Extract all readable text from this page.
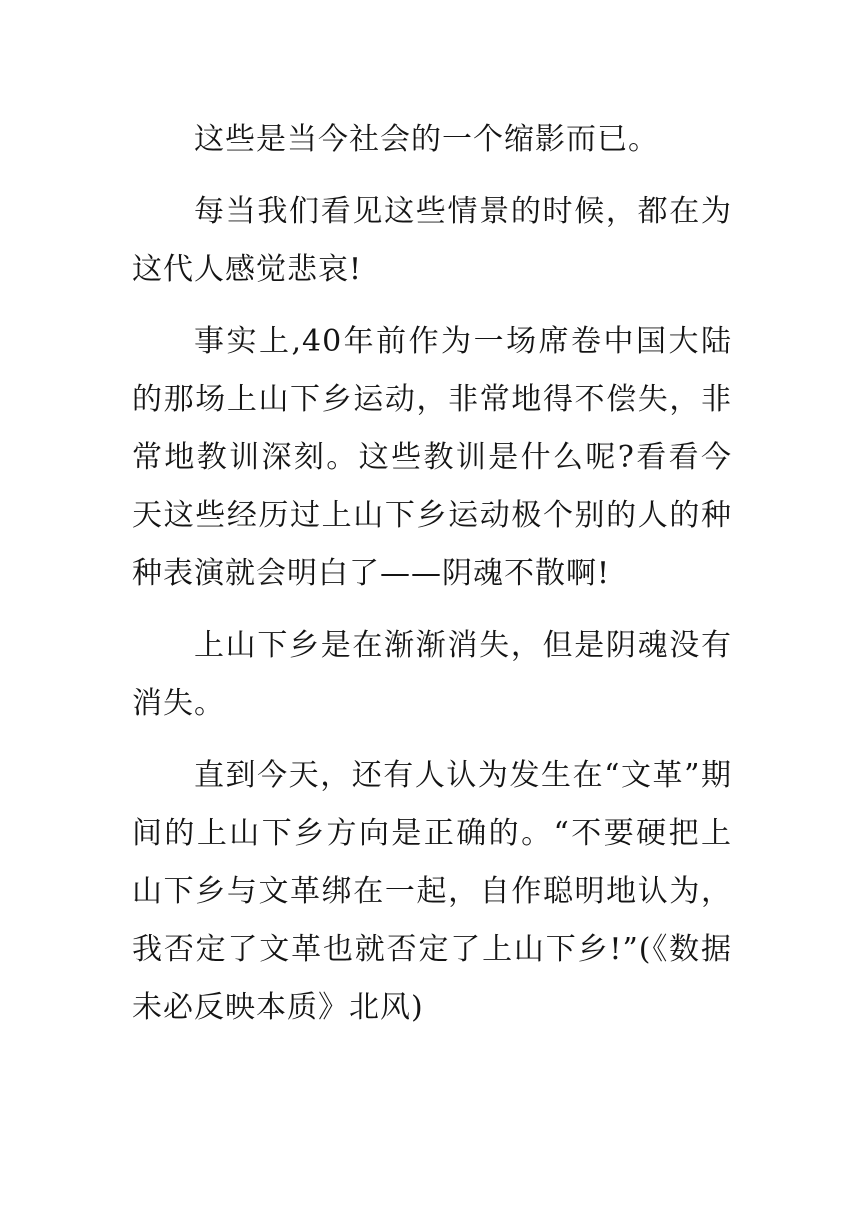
这些是当今社会的一个缩影而已。

每当我们看见这些情景的时候，都在为这代人感觉悲哀!

事实上,40年前作为一场席卷中国大陆的那场上山下乡运动，非常地得不偿失，非常地教训深刻。这些教训是什么呢?看看今天这些经历过上山下乡运动极个别的人的种种表演就会明白了——阴魂不散啊!

上山下乡是在渐渐消失，但是阴魂没有消失。

直到今天，还有人认为发生在“文革”期间的上山下乡方向是正确的。“不要硬把上山下乡与文革绑在一起，自作聪明地认为，我否定了文革也就否定了上山下乡!”(《数据未必反映本质》北风)
